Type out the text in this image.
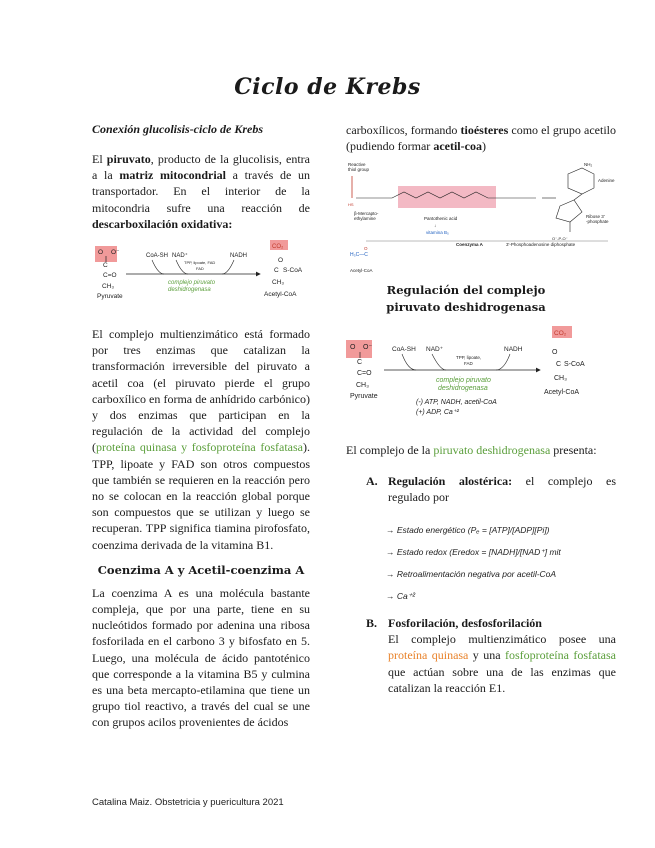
Ciclo de Krebs
Conexión glucolisis-ciclo de Krebs

El piruvato, producto de la glucolisis, entra a la matriz mitocondrial a través de un transportador. En el interior de la mitocondria sufre una reacción de descarboxilación oxidativa:

O O⁻
C
C=O
CH₃
Pyruvate
CoA-SH NAD⁺	NADH
TPP, lipoate, FAD
FAD
complejo piruvato
deshidrogenasa
CO₂
O
S-CoA
C
CH₃
Acetyl-CoA

El complejo multienzimático está formado por tres enzimas que catalizan la transformación irreversible del piruvato a acetil coa (el piruvato pierde el grupo carboxílico en forma de anhídrido carbónico) y dos enzimas que participan en la regulación de la actividad del complejo (proteína quinasa y fosfoproteína fosfatasa). TPP, lipoate y FAD son otros compuestos que también se requieren en la reacción pero no se colocan en la reacción global porque son compuestos que se utilizan y luego se recuperan. TPP significa tiamina pirofosfato, coenzima derivada de la vitamina B1.

Coenzima A y Acetil-coenzima A

La coenzima A es una molécula bastante compleja, que por una parte, tiene en su nucleótidos formado por adenina una ribosa fosforilada en el carbono 3 y bifosfato en 5. Luego, una molécula de ácido pantoténico que corresponde a la vitamina B5 y culmina es una beta mercapto-etilamina que tiene un grupo tiol reactivo, a través del cual se une con grupos acilos provenientes de ácidos

carboxílicos, formando tioésteres como el grupo acetilo (pudiendo formar acetil-coa)

Reactive
thiol group
HS
β-Mercapto-
ethylamine	Pantothenic acid
↓
vitamina B₅
NH₂
Adenine
Ribose 3'
-phosphate
O⁻-P-O⁻
Coenzyma A	3'-Phosphoadenosine diphosphate
H₃C—C
O
Acetyl-CoA
Regulación del complejo piruvato deshidrogenasa
O O⁻
C
C=O
CH₃
Pyruvate
CoA-SH NAD⁺	NADH
TPP, lipoate,
FAD
complejo piruvato
deshidrogenasa
(-) ATP, NADH, acetil-CoA
(+) ADP, Ca⁺²
CO₂
O
C S-CoA
CH₃
Acetyl-CoA

El complejo de la piruvato deshidrogenasa presenta:

A. Regulación alostérica: el complejo es regulado por
→ Estado energético (Pₑ = [ATP]/[ADP][Pi])
→ Estado redox (Eredox = [NADH]/[NAD⁺] mit
→ Retroalimentación negativa por acetil-CoA
→ Ca⁺²
B. Fosforilación, desfosforilación
El complejo multienzimático posee una proteína quinasa y una fosfoproteína fosfatasa que actúan sobre una de las enzimas que catalizan la reacción E1.
Catalina Maiz. Obstetricia y puericultura 2021
